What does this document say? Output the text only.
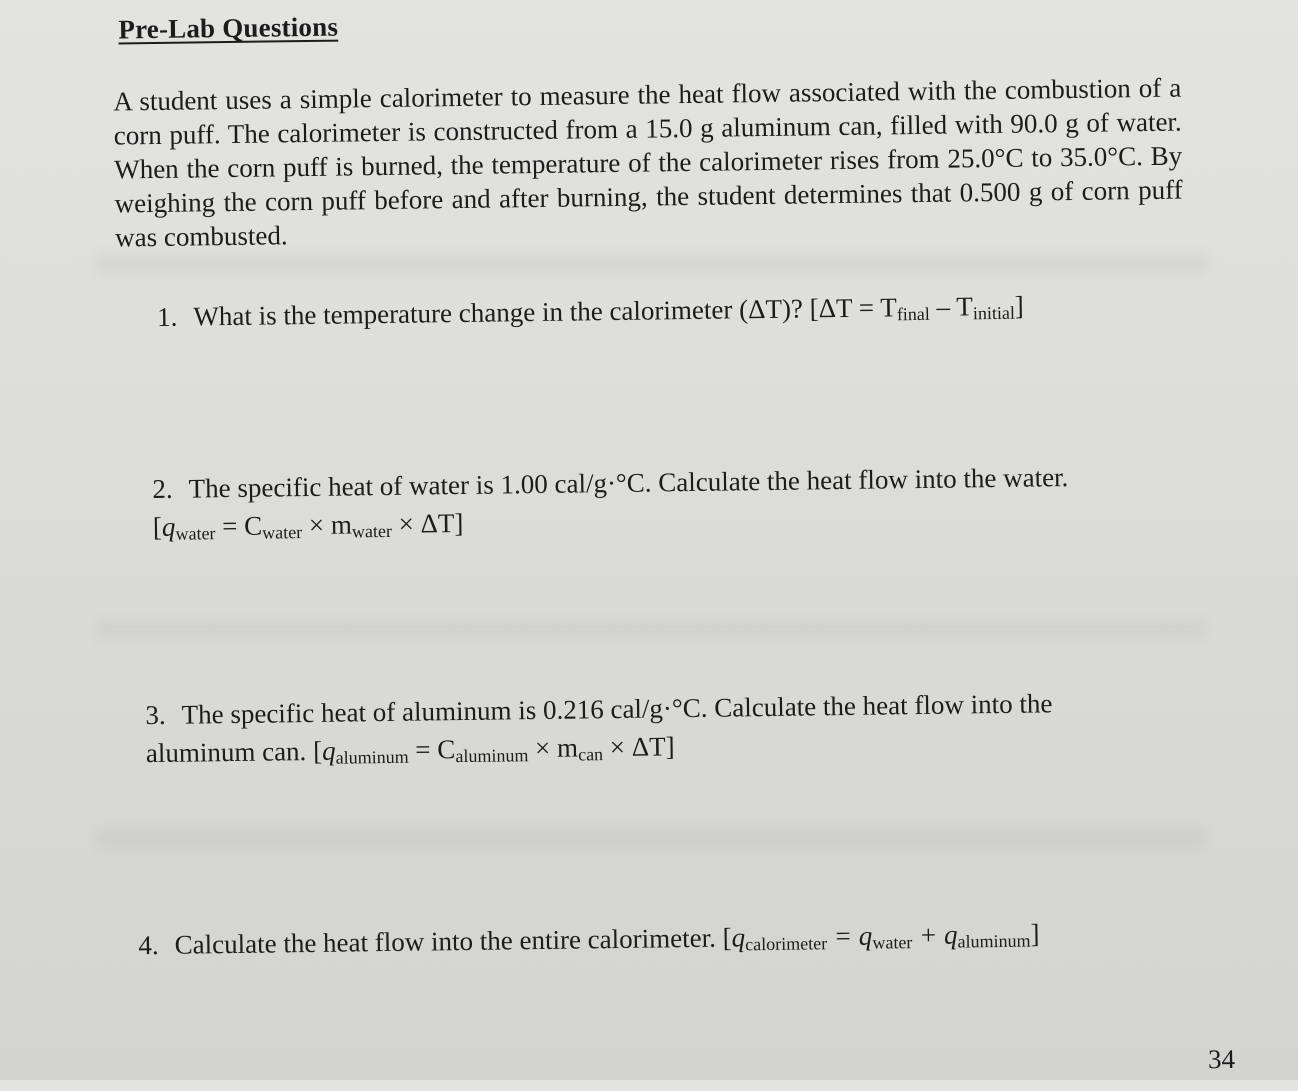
Pre-Lab Questions
A student uses a simple calorimeter to measure the heat flow associated with the combustion of a corn puff. The calorimeter is constructed from a 15.0 g aluminum can, filled with 90.0 g of water. When the corn puff is burned, the temperature of the calorimeter rises from 25.0°C to 35.0°C. By weighing the corn puff before and after burning, the student determines that 0.500 g of corn puff was combusted.
1. What is the temperature change in the calorimeter (ΔT)? $[\Delta T = T_{final} - T_{initial}]$
2. The specific heat of water is 1.00 cal/g·°C. Calculate the heat flow into the water.
$[q_{water} = C_{water} \times m_{water} \times \Delta T]$
3. The specific heat of aluminum is 0.216 cal/g·°C. Calculate the heat flow into the
aluminum can. $[q_{aluminum} = C_{aluminum} \times m_{can} \times \Delta T]$
4. Calculate the heat flow into the entire calorimeter. $[q_{calorimeter} = q_{water} + q_{aluminum}]$
34
